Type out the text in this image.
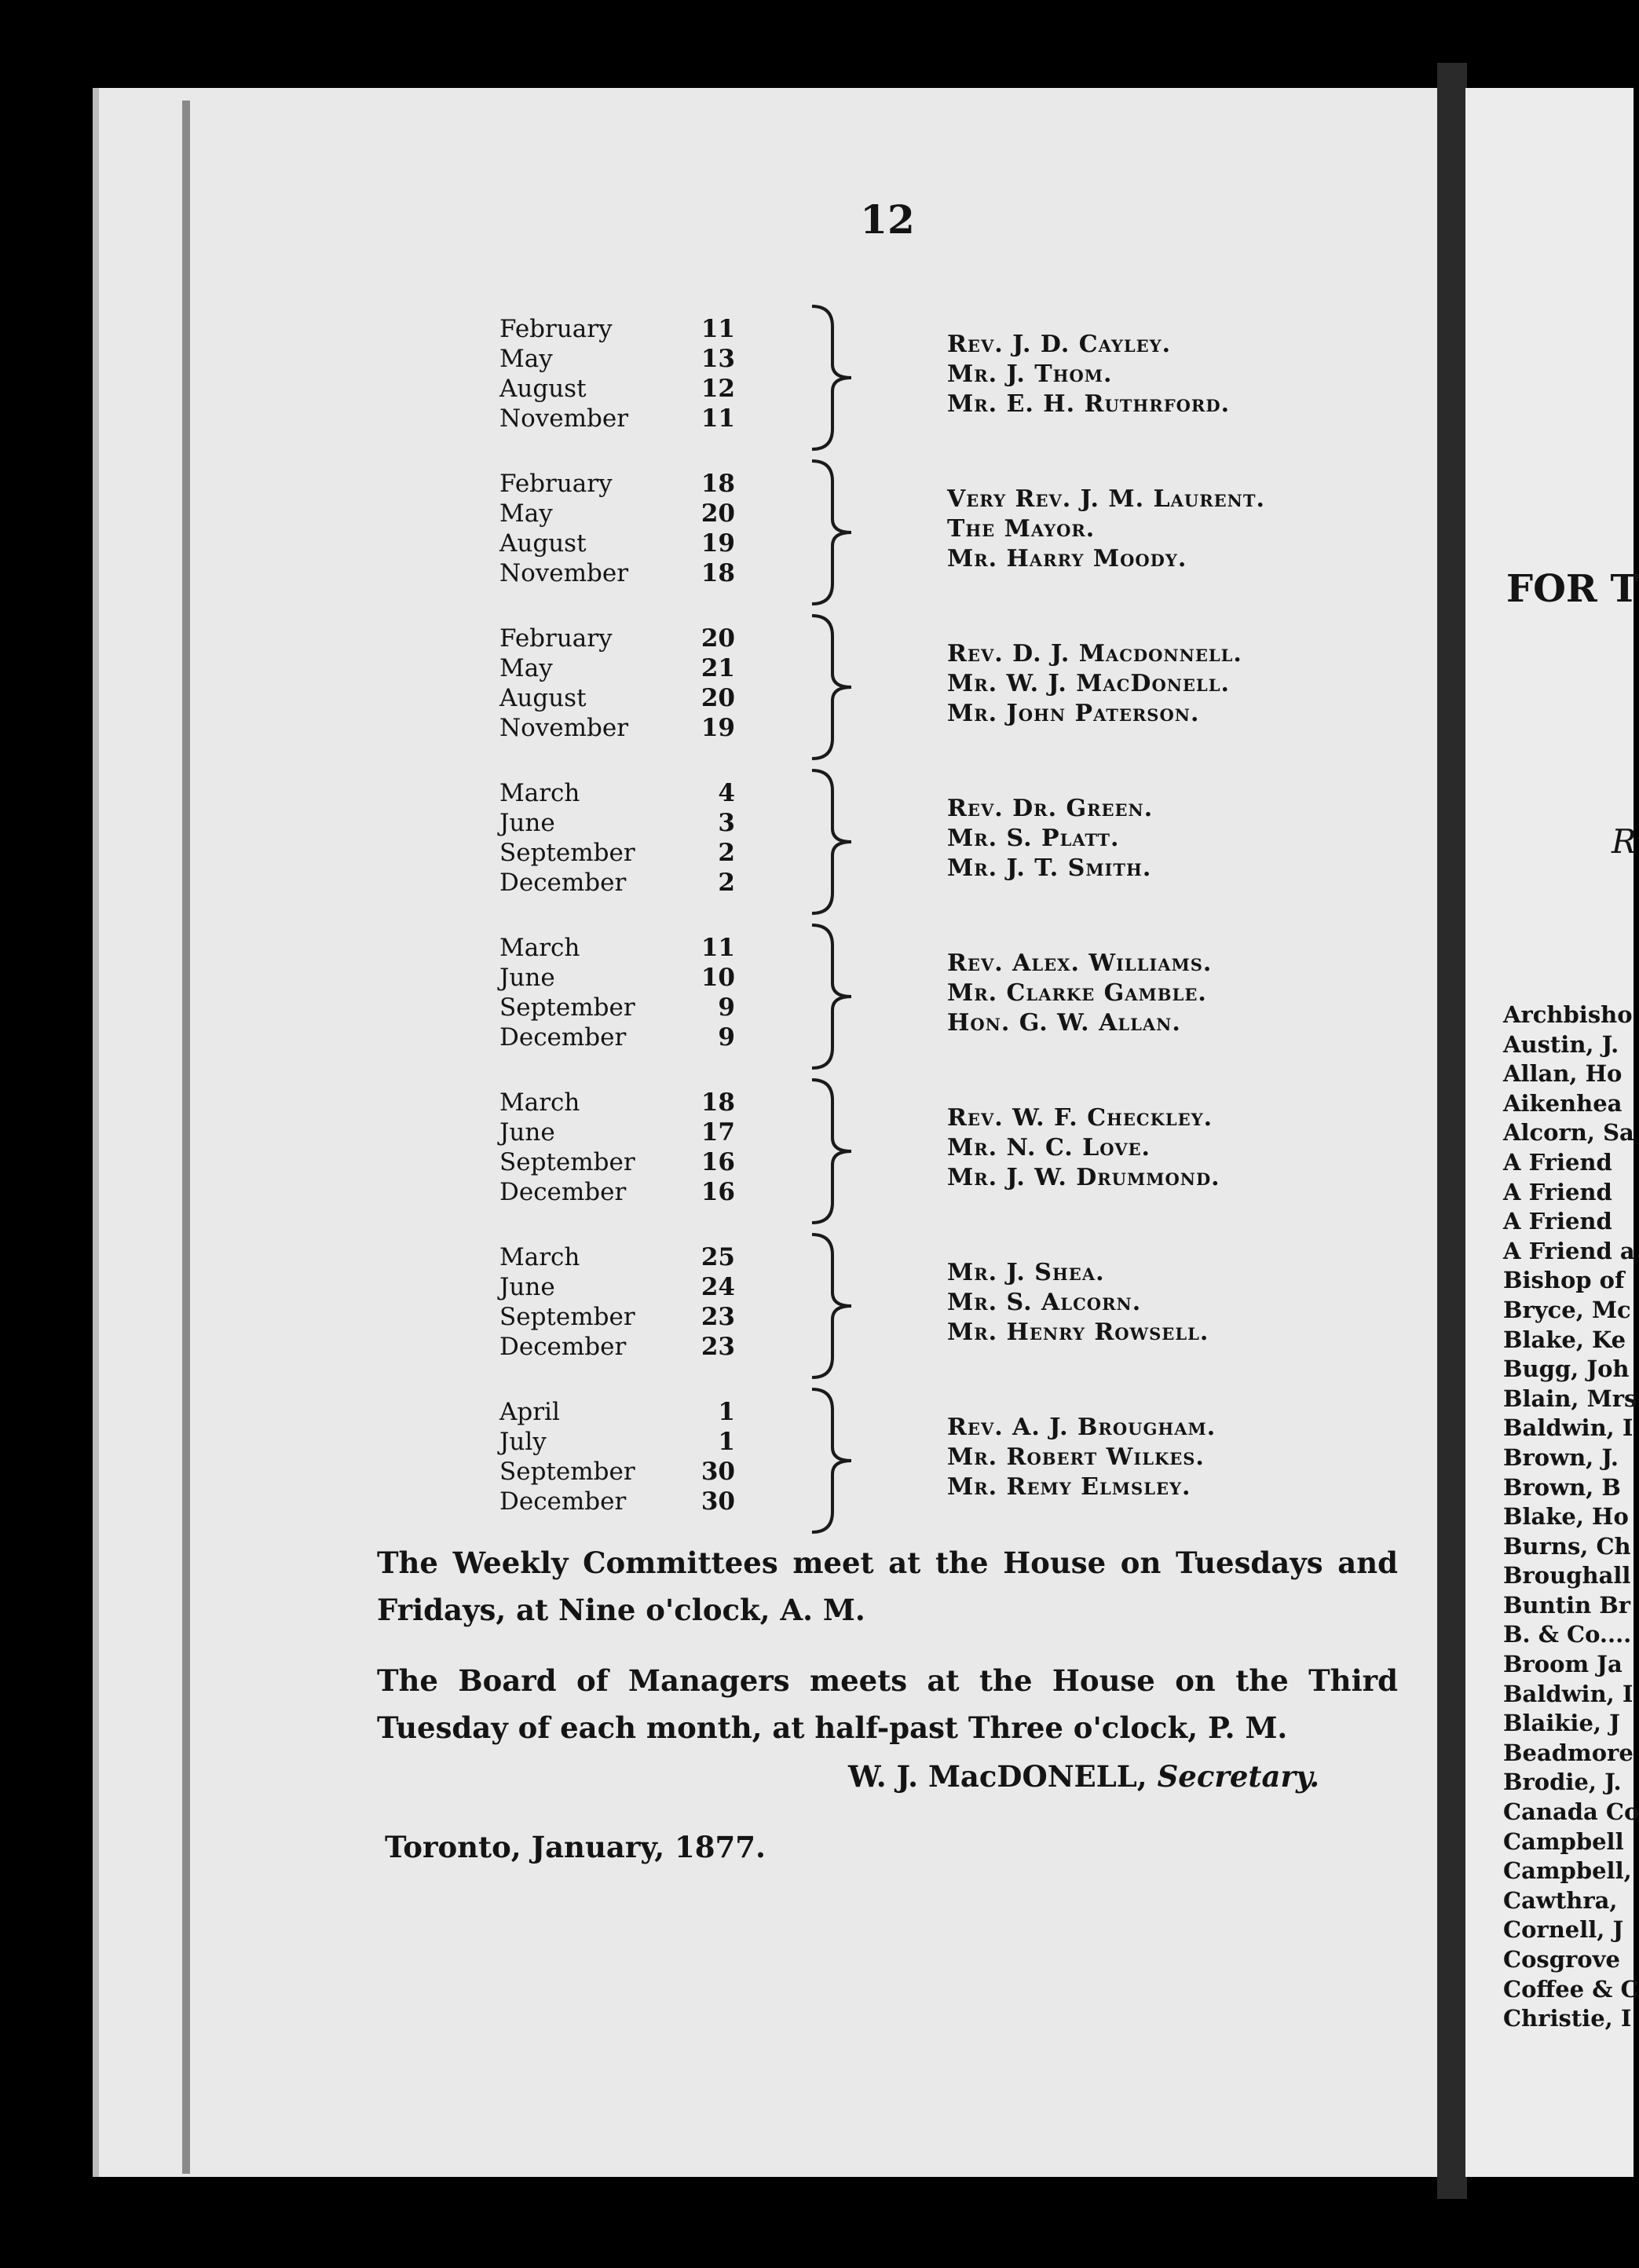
FOR T
R
Archbisho
Austin, J.
Allan, Ho
Aikenhea
Alcorn, Sa
A Friend
A Friend
A Friend
A Friend a
Bishop of
Bryce, Mc
Blake, Ke
Bugg, Joh
Blain, Mrs
Baldwin, I
Brown, J.
Brown, B
Blake, Ho
Burns, Ch
Broughall
Buntin Br
B. & Co....
Broom Ja
Baldwin, I
Blaikie, J
Beadmore
Brodie, J.
Canada Co
Campbell
Campbell,
Cawthra,
Cornell, J
Cosgrove
Coffee & C
Christie, I
12
February	11
May	13
August	12
November	11
Rev. J. D. Cayley.
Mr. J. Thom.
Mr. E. H. Ruthrford.
February	18
May	20
August	19
November	18
Very Rev. J. M. Laurent.
The Mayor.
Mr. Harry Moody.
February	20
May	21
August	20
November	19
Rev. D. J. Macdonnell.
Mr. W. J. MacDonell.
Mr. John Paterson.
March	4
June	3
September	2
December	2
Rev. Dr. Green.
Mr. S. Platt.
Mr. J. T. Smith.
March	11
June	10
September	9
December	9
Rev. Alex. Williams.
Mr. Clarke Gamble.
Hon. G. W. Allan.
March	18
June	17
September	16
December	16
Rev. W. F. Checkley.
Mr. N. C. Love.
Mr. J. W. Drummond.
March	25
June	24
September	23
December	23
Mr. J. Shea.
Mr. S. Alcorn.
Mr. Henry Rowsell.
April	1
July	1
September	30
December	30
Rev. A. J. Brougham.
Mr. Robert Wilkes.
Mr. Remy Elmsley.

The Weekly Committees meet at the House on Tuesdays and Fridays, at Nine o'clock, A. M.

The Board of Managers meets at the House on the Third Tuesday of each month, at half-past Three o'clock, P. M.

W. J. MacDONELL, Secretary.
Toronto, January, 1877.
